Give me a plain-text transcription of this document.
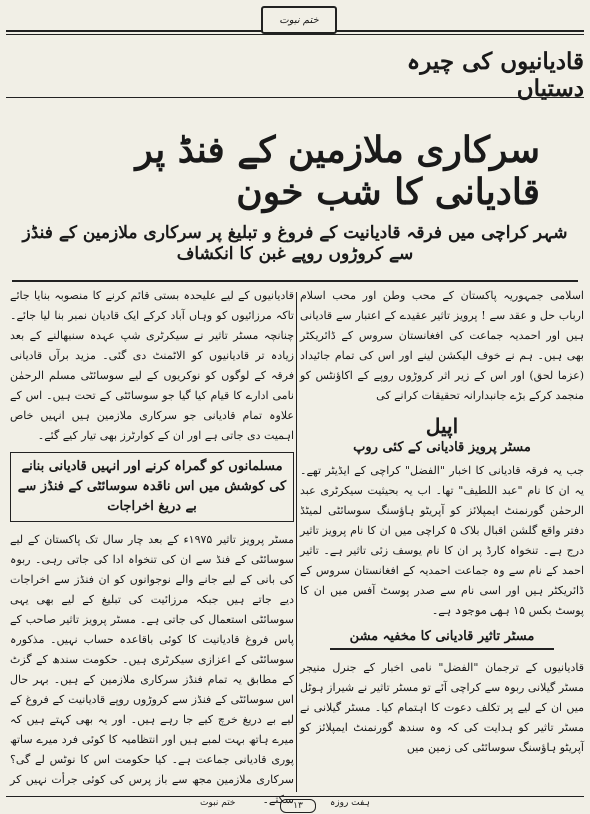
ختم نبوت
قادیانیوں کی چیرہ دستیاں
سرکاری ملازمین کے فنڈ پر قادیانی کا شب خون
شہر کراچی میں فرقہ قادیانیت کے فروغ و تبلیغ پر سرکاری ملازمین کے فنڈز سے کروڑوں روپے غبن کا انکشاف

اسلامی جمہوریہ پاکستان کے محب وطن اور محب اسلام ارباب حل و عقد سے ! پرویز تاثیر عقیدے کے اعتبار سے قادیانی ہیں اور احمدیہ جماعت کی افغانستان سروس کے ڈائریکٹر بھی ہیں۔ ہم نے خوف الیکشن لینے اور اس کی تمام جائیداد (عزما لحق) اور اس کے زیر اثر کروڑوں روپے کے اکاؤنٹس کو منجمد کرکے بڑے جانبدارانہ تحقیقات کرانے کی

اپیل
مسٹر پرویز قادیانی کے کئی روپ

جب یہ فرقہ قادیانی کا اخبار "الفضل" کراچی کے ایڈیٹر تھے۔ یہ ان کا نام "عبد اللطیف" تھا۔ اب یہ بحیثیت سیکرٹری عبد الرحمٰن گورنمنٹ ایمپلائز کو آپریٹو ہاؤسنگ سوسائٹی لمیٹڈ دفتر واقع گلشن اقبال بلاک ۵ کراچی میں ان کا نام پرویز تاثیر درج ہے۔ تنخواہ کارڈ پر ان کا نام یوسف زئی تاثیر ہے۔ تاثیر احمد کے نام سے وہ جماعت احمدیہ کے افغانستان سروس کے ڈائریکٹر ہیں اور اسی نام سے صدر پوسٹ آفس میں ان کا پوسٹ بکس ۱۵ بھی موجود ہے۔

مسٹر تاثیر قادیانی کا مخفیہ مشن

قادیانیوں کے ترجمان "الفضل" نامی اخبار کے جنرل منیجر مسٹر گیلانی ربوہ سے کراچی آئے تو مسٹر تاثیر نے شیراز ہوٹل میں ان کے لیے پر تکلف دعوت کا اہتمام کیا۔ مسٹر گیلانی نے مسٹر تاثیر کو ہدایت کی کہ وہ سندھ گورنمنٹ ایمپلائز کو آپریٹو ہاؤسنگ سوسائٹی کی زمین میں

قادیانیوں کے لیے علیحدہ بستی قائم کرنے کا منصوبہ بنایا جائے تاکہ مرزائیوں کو وہاں آباد کرکے ایک قادیان نمبر بنا لیا جائے۔ چنانچہ مسٹر تاثیر نے سیکرٹری شپ عہدہ سنبھالنے کے بعد زیادہ تر قادیانیوں کو الاٹمنٹ دی گئی۔ مزید برآں قادیانی فرقہ کے لوگوں کو نوکریوں کے لیے سوسائٹی مسلم الرحمٰن نامی ادارے کا قیام کیا گیا جو سوسائٹی کے تحت ہیں۔ اس کے علاوہ تمام قادیانی جو سرکاری ملازمین ہیں انہیں خاص اہمیت دی جاتی ہے اور ان کے کوارٹرز بھی تیار کیے گئے۔

مسلمانوں کو گمراہ کرنے اور انہیں قادیانی بنانے کی کوشش میں اس ناقدہ سوسائٹی کے فنڈز سے بے دریغ اخراجات

مسٹر پرویز تاثیر ۱۹۷۵ء کے بعد چار سال تک پاکستان کے لیے سوسائٹی کے فنڈ سے ان کی تنخواہ ادا کی جاتی رہی۔ ربوہ کی بانی کے لیے جانے والے نوجوانوں کو ان فنڈز سے اخراجات دیے جاتے ہیں جبکہ مرزائیت کی تبلیغ کے لیے بھی یہی سوسائٹی استعمال کی جاتی ہے۔ مسٹر پرویز تاثیر صاحب کے پاس فروغ قادیانیت کا کوئی باقاعدہ حساب نہیں۔ مذکورہ سوسائٹی کے اعزازی سیکرٹری ہیں۔ حکومت سندھ کے گزٹ کے مطابق یہ تمام فنڈز سرکاری ملازمین کے ہیں۔ بہر حال اس سوسائٹی کے فنڈز سے کروڑوں روپے قادیانیت کے فروغ کے لیے بے دریغ خرچ کیے جا رہے ہیں۔ اور یہ بھی کہتے ہیں کہ میرے ہاتھ بہت لمبے ہیں اور انتظامیہ کا کوئی فرد میرے ساتھ پوری قادیانی جماعت ہے۔ کیا حکومت اس کا نوٹس لے گی؟ سرکاری ملازمین مجھ سے باز پرس کی کوئی جرأت نہیں کر سکتے۔

ختم نبوت	۱۳	ہفت روزہ
